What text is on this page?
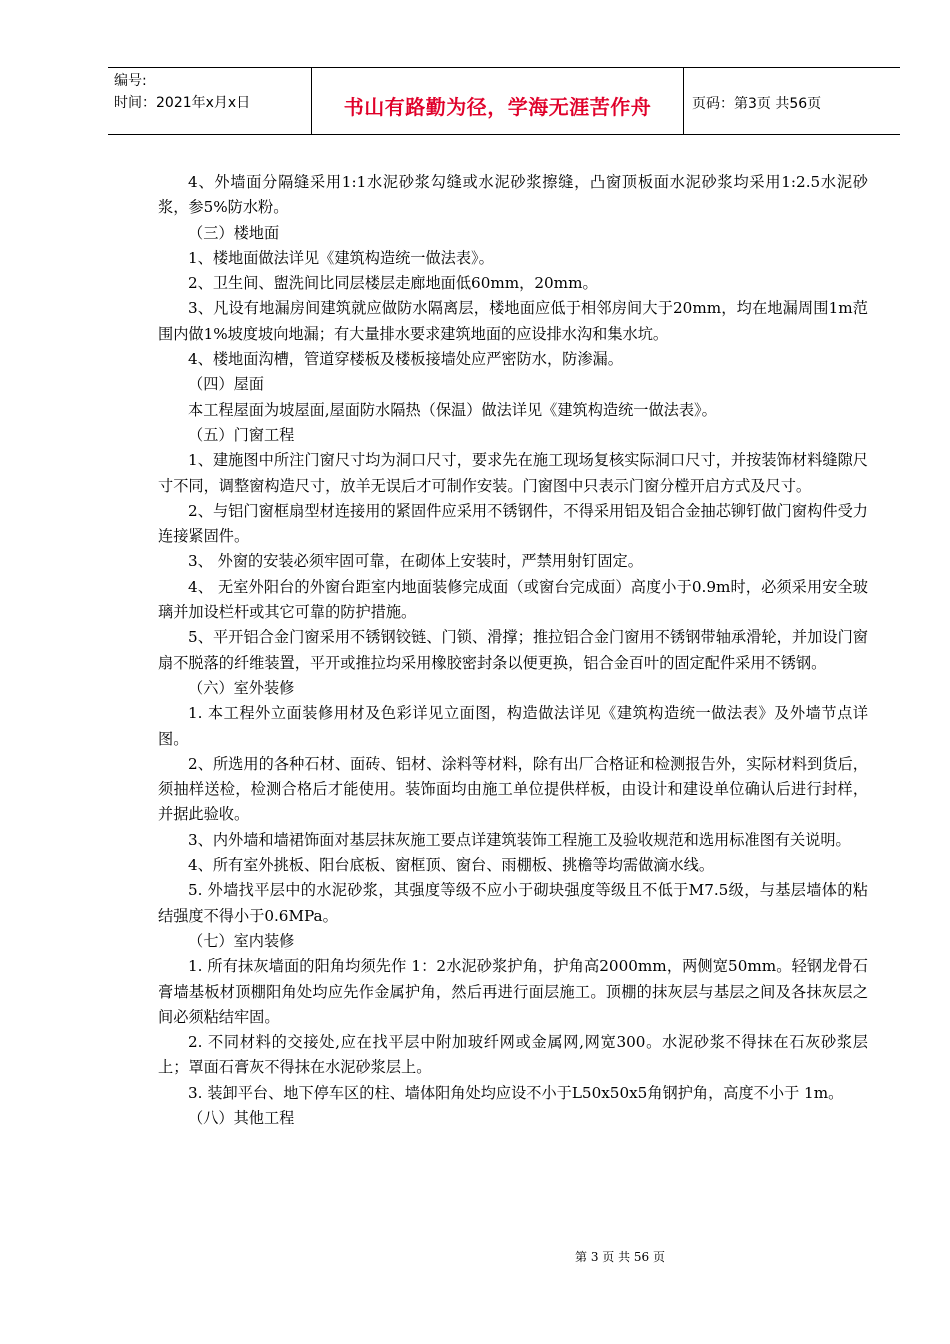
编号:
时间：2021年x月x日	书山有路勤为径，学海无涯苦作舟	页码：第3页 共56页

4、外墙面分隔缝采用1:1水泥砂浆勾缝或水泥砂浆擦缝，凸窗顶板面水泥砂浆均采用1:2.5水泥砂浆，参5%防水粉。

（三）楼地面

1、楼地面做法详见《建筑构造统一做法表》。

2、卫生间、盥洗间比同层楼层走廊地面低60mm，20mm。

3、凡设有地漏房间建筑就应做防水隔离层，楼地面应低于相邻房间大于20mm，均在地漏周围1m范围内做1%坡度坡向地漏；有大量排水要求建筑地面的应设排水沟和集水坑。

4、楼地面沟槽，管道穿楼板及楼板接墙处应严密防水，防渗漏。

（四）屋面

本工程屋面为坡屋面,屋面防水隔热（保温）做法详见《建筑构造统一做法表》。

（五）门窗工程

1、建施图中所注门窗尺寸均为洞口尺寸，要求先在施工现场复核实际洞口尺寸，并按装饰材料缝隙尺寸不同，调整窗构造尺寸，放羊无误后才可制作安装。门窗图中只表示门窗分樘开启方式及尺寸。

2、与铝门窗框扇型材连接用的紧固件应采用不锈钢件，不得采用铝及铝合金抽芯铆钉做门窗构件受力连接紧固件。

3、 外窗的安装必须牢固可靠，在砌体上安装时，严禁用射钉固定。

4、 无室外阳台的外窗台距室内地面装修完成面（或窗台完成面）高度小于0.9m时，必须采用安全玻璃并加设栏杆或其它可靠的防护措施。

5、平开铝合金门窗采用不锈钢铰链、门锁、滑撑；推拉铝合金门窗用不锈钢带轴承滑轮，并加设门窗扇不脱落的纤维装置，平开或推拉均采用橡胶密封条以便更换，铝合金百叶的固定配件采用不锈钢。

（六）室外装修

1. 本工程外立面装修用材及色彩详见立面图，构造做法详见《建筑构造统一做法表》及外墙节点详图。

2、所选用的各种石材、面砖、铝材、涂料等材料，除有出厂合格证和检测报告外，实际材料到货后，须抽样送检，检测合格后才能使用。装饰面均由施工单位提供样板，由设计和建设单位确认后进行封样，并据此验收。

3、内外墙和墙裙饰面对基层抹灰施工要点详建筑装饰工程施工及验收规范和选用标准图有关说明。

4、所有室外挑板、阳台底板、窗框顶、窗台、雨棚板、挑檐等均需做滴水线。

5. 外墙找平层中的水泥砂浆，其强度等级不应小于砌块强度等级且不低于M7.5级，与基层墙体的粘结强度不得小于0.6MPa。

（七）室内装修

1. 所有抹灰墙面的阳角均须先作 1：2水泥砂浆护角，护角高2000mm，两侧宽50mm。轻钢龙骨石膏墙基板材顶棚阳角处均应先作金属护角，然后再进行面层施工。顶棚的抹灰层与基层之间及各抹灰层之间必须粘结牢固。

2. 不同材料的交接处,应在找平层中附加玻纤网或金属网,网宽300。水泥砂浆不得抹在石灰砂浆层上；罩面石膏灰不得抹在水泥砂浆层上。

3. 装卸平台、地下停车区的柱、墙体阳角处均应设不小于L50x50x5角钢护角，高度不小于 1m。

（八）其他工程

第 3 页 共 56 页
